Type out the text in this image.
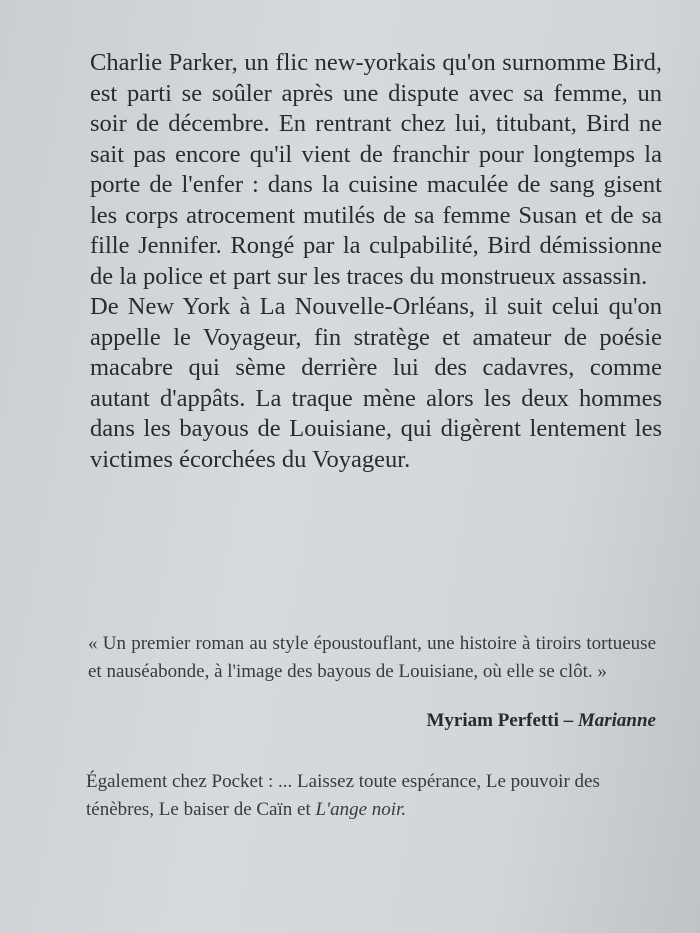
Charlie Parker, un flic new-yorkais qu'on surnomme Bird, est parti se soûler après une dispute avec sa femme, un soir de décembre. En rentrant chez lui, titubant, Bird ne sait pas encore qu'il vient de franchir pour longtemps la porte de l'enfer : dans la cuisine maculée de sang gisent les corps atrocement mutilés de sa femme Susan et de sa fille Jennifer. Rongé par la culpabilité, Bird démissionne de la police et part sur les traces du monstrueux assassin.

De New York à La Nouvelle-Orléans, il suit celui qu'on appelle le Voyageur, fin stratège et amateur de poésie macabre qui sème derrière lui des cadavres, comme autant d'appâts. La traque mène alors les deux hommes dans les bayous de Louisiane, qui digèrent lentement les victimes écorchées du Voyageur.

« Un premier roman au style époustouflant, une histoire à tiroirs tortueuse et nauséabonde, à l'image des bayous de Louisiane, où elle se clôt. »

Myriam Perfetti – Marianne

Également chez Pocket : ... Laissez toute espérance, Le pouvoir des ténèbres, Le baiser de Caïn et L'ange noir.
